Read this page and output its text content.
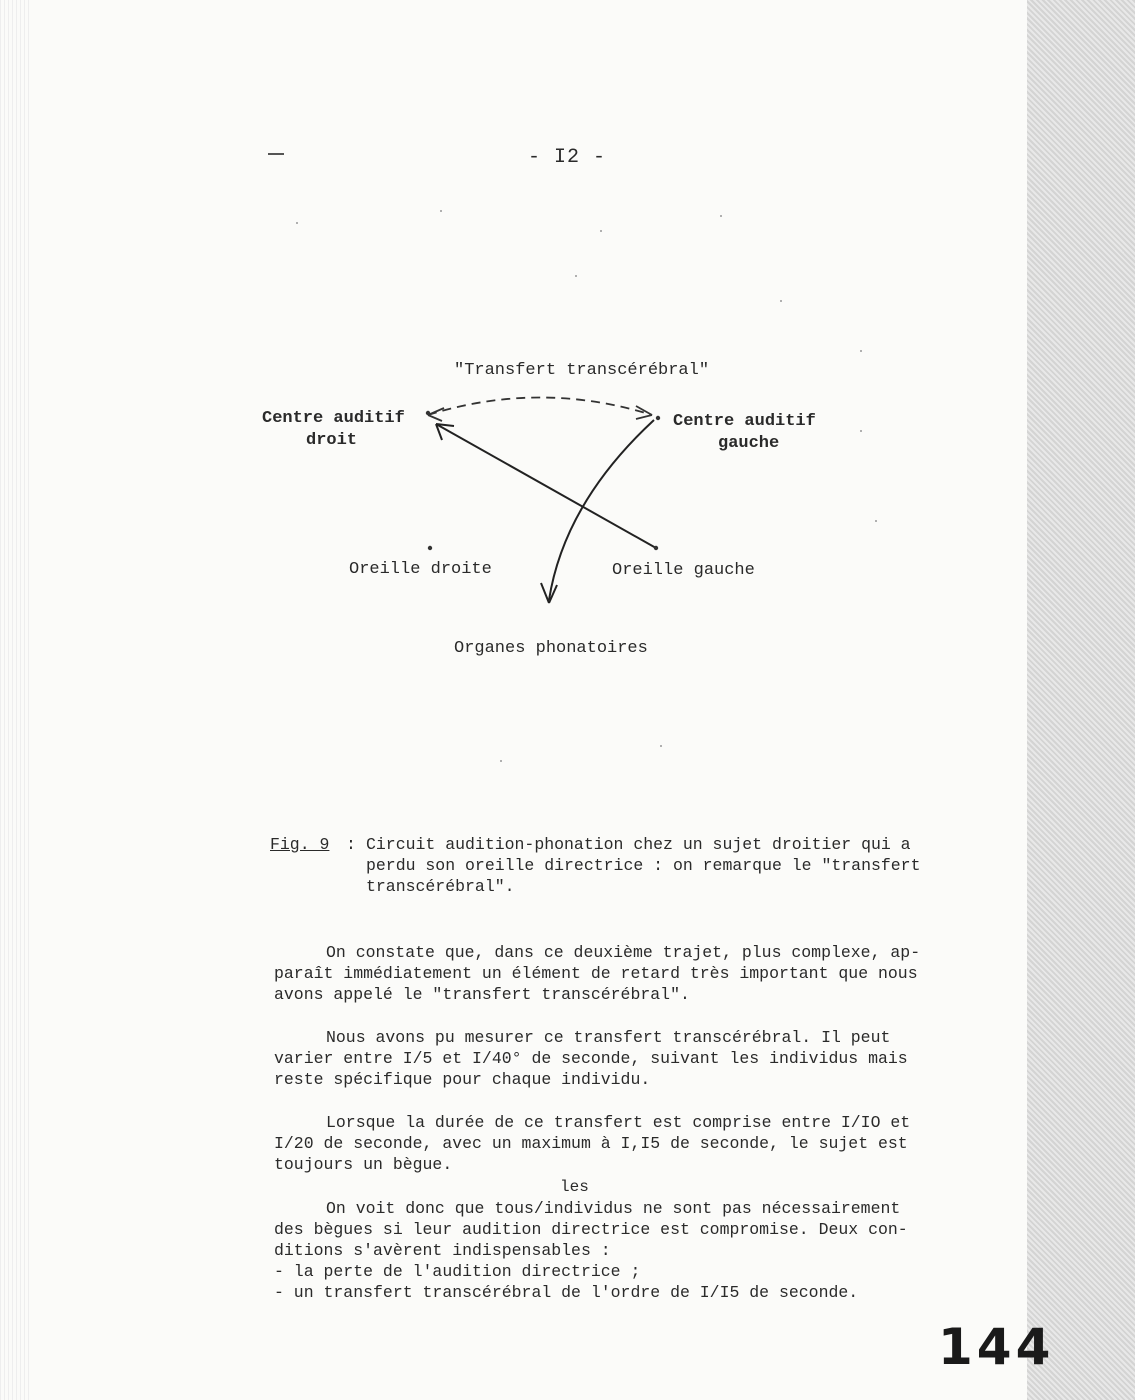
- I2 -
"Transfert transcérébral"
Centre auditif
droit
Centre auditif
gauche
Oreille droite	Oreille gauche
Organes phonatoires
Fig. 9 : Circuit audition-phonation chez un sujet droitier qui a
perdu son oreille directrice : on remarque le "transfert
transcérébral".
On constate que, dans ce deuxième trajet, plus complexe, ap-
paraît immédiatement un élément de retard très important que nous
avons appelé le "transfert transcérébral".
Nous avons pu mesurer ce transfert transcérébral. Il peut
varier entre I/5 et I/40° de seconde, suivant les individus mais
reste spécifique pour chaque individu.
Lorsque la durée de ce transfert est comprise entre I/IO et
I/20 de seconde, avec un maximum à I,I5 de seconde, le sujet est
toujours un bègue.
les
On voit donc que tous/individus ne sont pas nécessairement
des bègues si leur audition directrice est compromise. Deux con-
ditions s'avèrent indispensables :
- la perte de l'audition directrice ;
- un transfert transcérébral de l'ordre de I/I5 de seconde.
144
